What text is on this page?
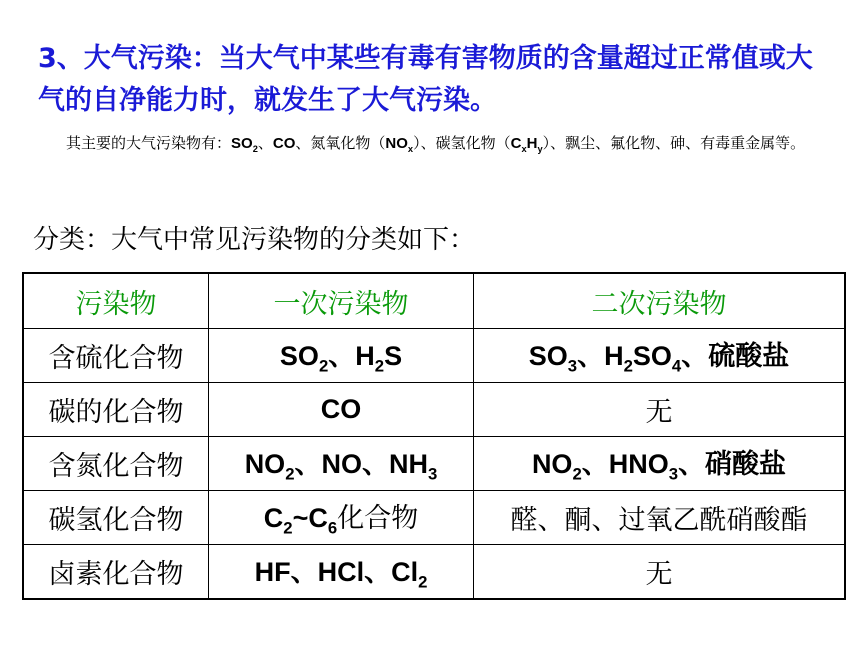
3、大气污染：当大气中某些有毒有害物质的含量超过正常值或大气的自净能力时，就发生了大气污染。
其主要的大气污染物有：$SO_2$、CO、氮氧化物$(NO_x)$、碳氢化物$(C_xH_y)$、飘尘、氟化物、砷、有毒重金属等。
分类：大气中常见污染物的分类如下：
污染物	一次污染物	二次污染物
含硫化合物	$SO_2$、$H_2S$	$SO_3$、$H_2SO_4$、硫酸盐
碳的化合物	CO	无
含氮化合物	$NO_2$、NO、$NH_3$	$NO_2$、$HNO_3$、硝酸盐
碳氢化合物	$C_2\sim C_6$化合物	醛、酮、过氧乙酰硝酸酯
卤素化合物	HF、HCl、$Cl_2$	无
